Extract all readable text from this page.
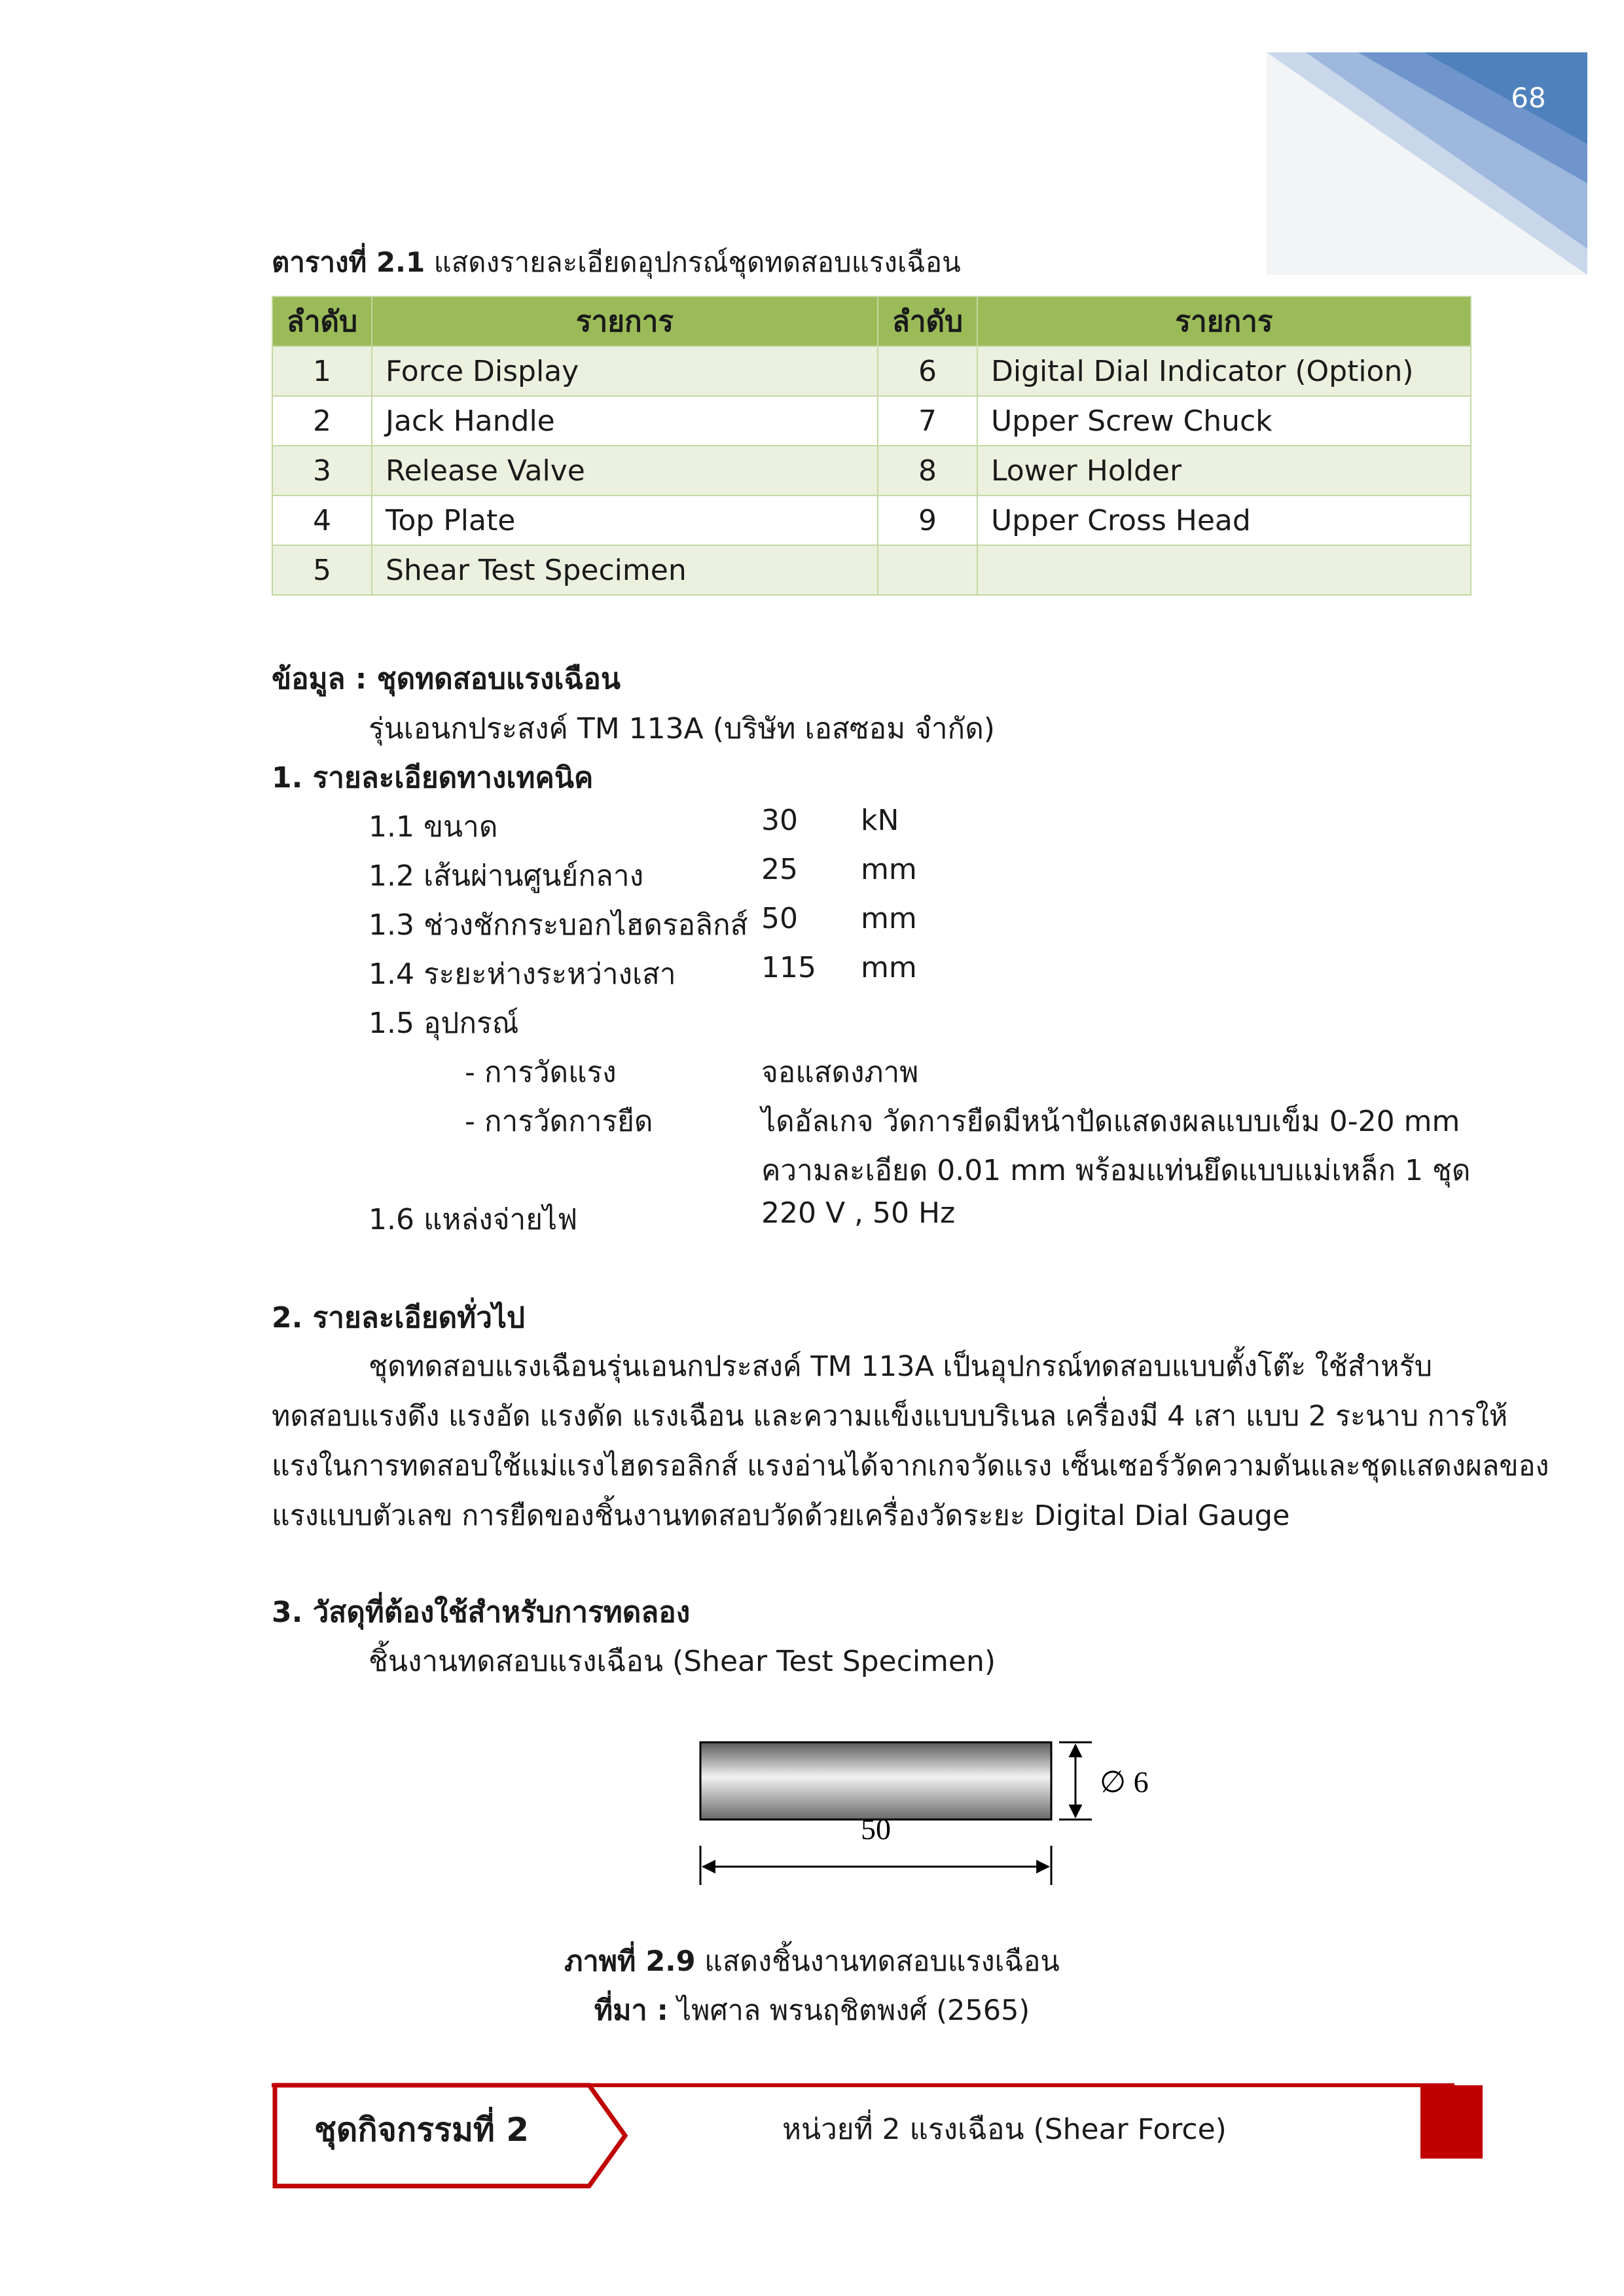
68
ตารางที่ 2.1 แสดงรายละเอียดอุปกรณ์ชุดทดสอบแรงเฉือน
ลำดับ	รายการ	ลำดับ	รายการ
1	Force Display	6	Digital Dial Indicator (Option)
2	Jack Handle	7	Upper Screw Chuck
3	Release Valve	8	Lower Holder
4	Top Plate	9	Upper Cross Head
5	Shear Test Specimen		
ข้อมูล : ชุดทดสอบแรงเฉือน
รุ่นเอนกประสงค์ TM 113A (บริษัท เอสซอม จำกัด)
1. รายละเอียดทางเทคนิค
1.1 ขนาด	30 kN
1.2 เส้นผ่านศูนย์กลาง	25 mm
1.3 ช่วงชักกระบอกไฮดรอลิกส์ 50 mm
1.4 ระยะห่างระหว่างเสา	115 mm
1.5 อุปกรณ์
- การวัดแรง	จอแสดงภาพ
- การวัดการยืด	ไดอัลเกจ วัดการยืดมีหน้าปัดแสดงผลแบบเข็ม 0-20 mm
ความละเอียด 0.01 mm พร้อมแท่นยึดแบบแม่เหล็ก 1 ชุด
1.6 แหล่งจ่ายไฟ	220 V , 50 Hz
2. รายละเอียดทั่วไป
ชุดทดสอบแรงเฉือนรุ่นเอนกประสงค์ TM 113A เป็นอุปกรณ์ทดสอบแบบตั้งโต๊ะ ใช้สำหรับ
ทดสอบแรงดึง แรงอัด แรงดัด แรงเฉือน และความแข็งแบบบริเนล เครื่องมี 4 เสา แบบ 2 ระนาบ การให้
แรงในการทดสอบใช้แม่แรงไฮดรอลิกส์ แรงอ่านได้จากเกจวัดแรง เซ็นเซอร์วัดความดันและชุดแสดงผลของ
แรงแบบตัวเลข การยืดของชิ้นงานทดสอบวัดด้วยเครื่องวัดระยะ Digital Dial Gauge
3. วัสดุที่ต้องใช้สำหรับการทดลอง
ชิ้นงานทดสอบแรงเฉือน (Shear Test Specimen)
∅ 6
50
ภาพที่ 2.9 แสดงชิ้นงานทดสอบแรงเฉือน
ที่มา : ไพศาล พรนฤชิตพงศ์ (2565)
ชุดกิจกรรมที่ 2	หน่วยที่ 2 แรงเฉือน (Shear Force)
